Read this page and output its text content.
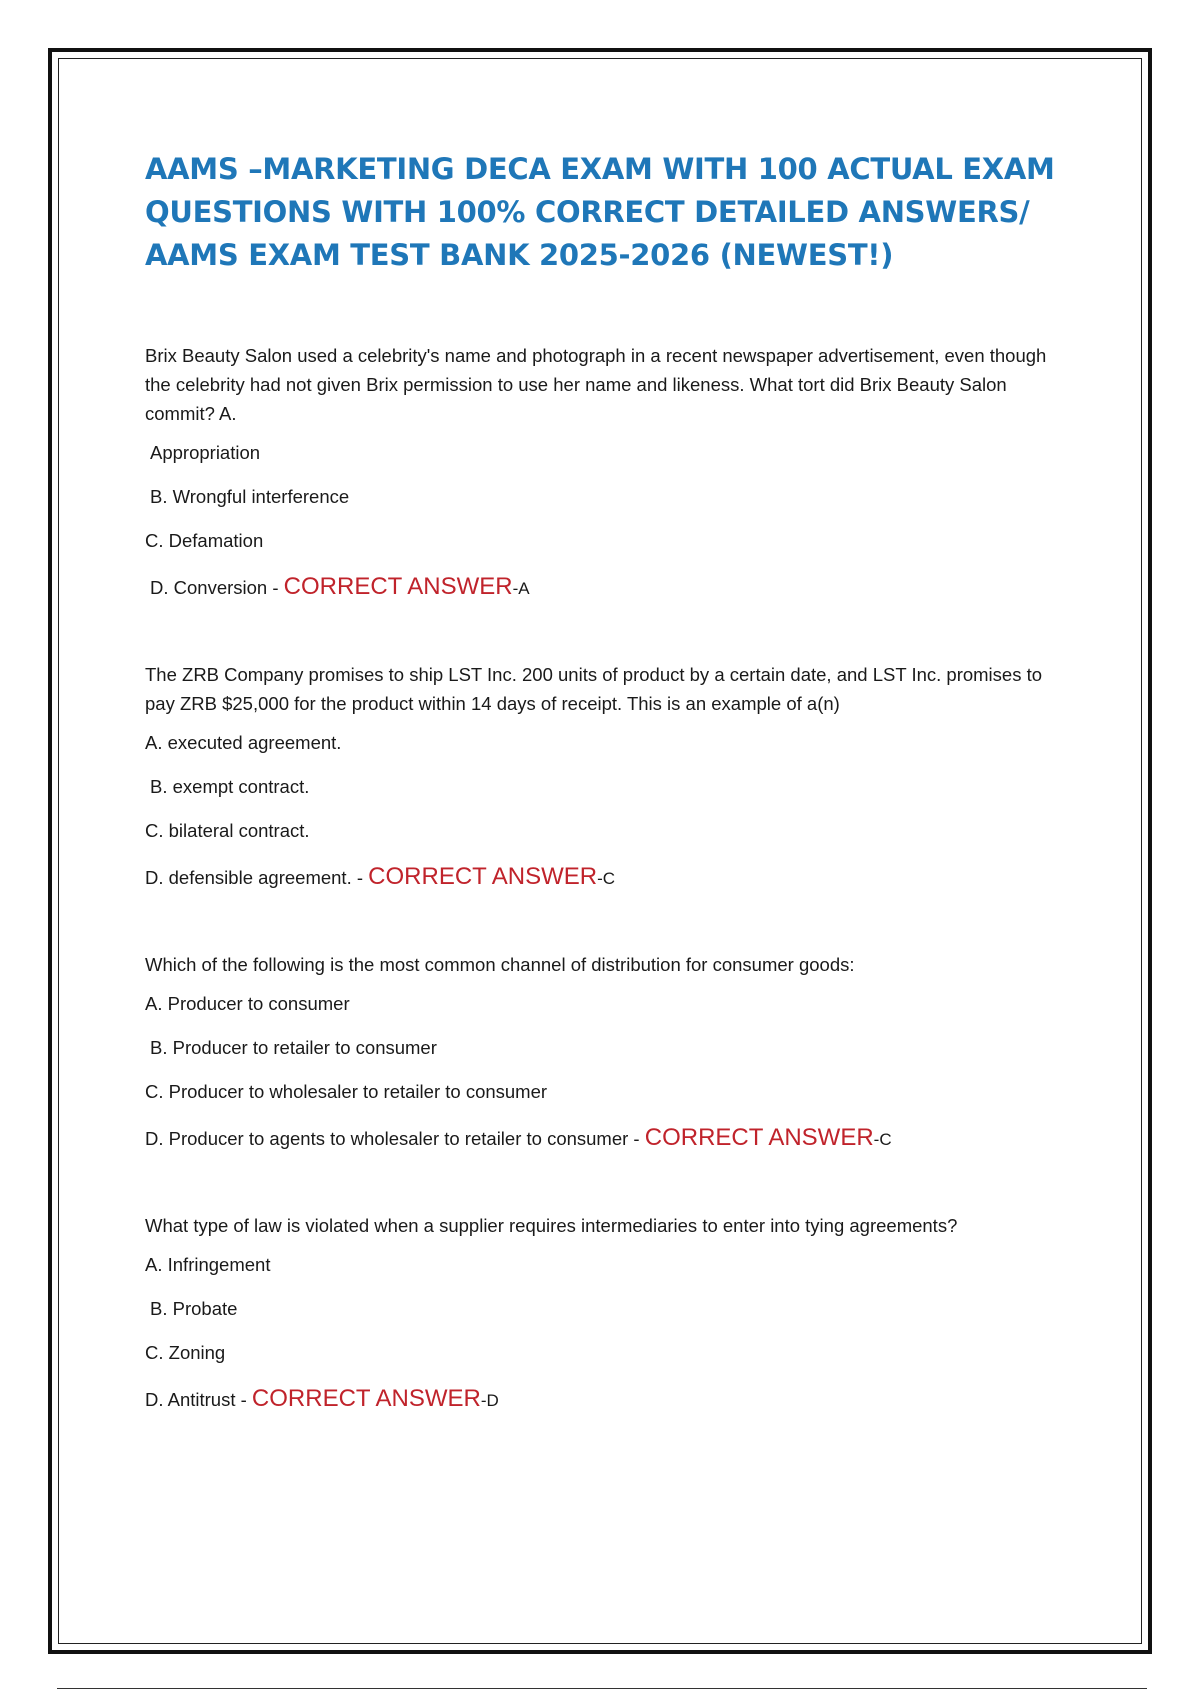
AAMS –MARKETING DECA EXAM WITH 100 ACTUAL EXAM QUESTIONS WITH 100% CORRECT DETAILED ANSWERS/ AAMS EXAM TEST BANK 2025-2026 (NEWEST!)

Brix Beauty Salon used a celebrity's name and photograph in a recent newspaper advertisement, even though the celebrity had not given Brix permission to use her name and likeness. What tort did Brix Beauty Salon commit? A.

Appropriation

B. Wrongful interference

C. Defamation

D. Conversion - CORRECT ANSWER-A

The ZRB Company promises to ship LST Inc. 200 units of product by a certain date, and LST Inc. promises to pay ZRB $25,000 for the product within 14 days of receipt. This is an example of a(n)

A. executed agreement.

B. exempt contract.

C. bilateral contract.

D. defensible agreement. - CORRECT ANSWER-C

Which of the following is the most common channel of distribution for consumer goods:

A. Producer to consumer

B. Producer to retailer to consumer

C. Producer to wholesaler to retailer to consumer

D. Producer to agents to wholesaler to retailer to consumer - CORRECT ANSWER-C

What type of law is violated when a supplier requires intermediaries to enter into tying agreements?

A. Infringement

B. Probate

C. Zoning

D. Antitrust - CORRECT ANSWER-D
